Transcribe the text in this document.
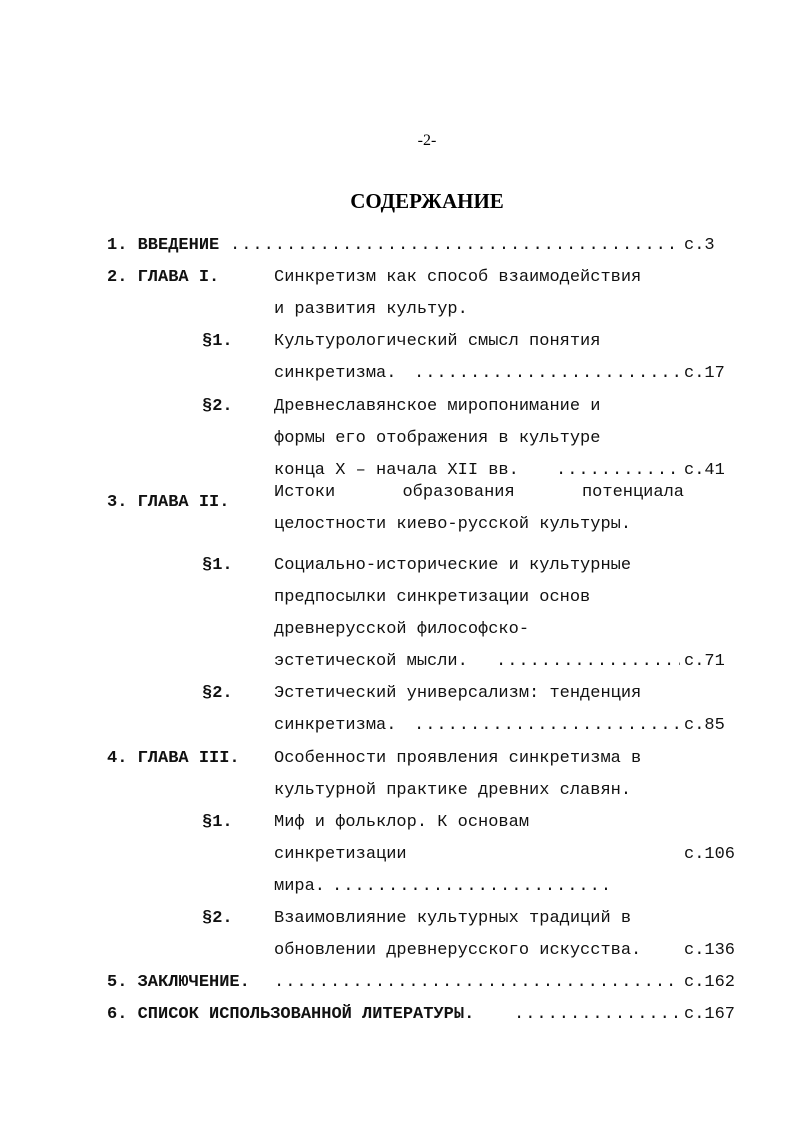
-2-
СОДЕРЖАНИЕ
1. ВВЕДЕНИЕ .....	с.3
2. ГЛАВА I.	Синкретизм как способ взаимодействия
и развития культур.
§1. Культурологический смысл понятия
синкретизма. .....	с.17
§2. Древнеславянское миропонимание и
формы его отображения в культуре
конца X – начала XII вв. .....	с.41
3. ГЛАВА II.
Истоки	образования	потенциала
целостности киево-русской культуры.
§1. Социально-исторические и культурные
предпосылки синкретизации основ
древнерусской философско-
эстетической мысли. .....	с.71
§2. Эстетический универсализм: тенденция
синкретизма. .....	с.85
4. ГЛАВА III. Особенности проявления синкретизма в
культурной практике древних славян.
§1. Миф и фольклор. К основам
синкретизации	с.106
мира.
.....
§2. Взаимовлияние культурных традиций в
обновлении древнерусского искусства.	с.136
5. ЗАКЛЮЧЕНИЕ. .....	с.162
6. СПИСОК ИСПОЛЬЗОВАННОЙ ЛИТЕРАТУРЫ. .....	с.167
